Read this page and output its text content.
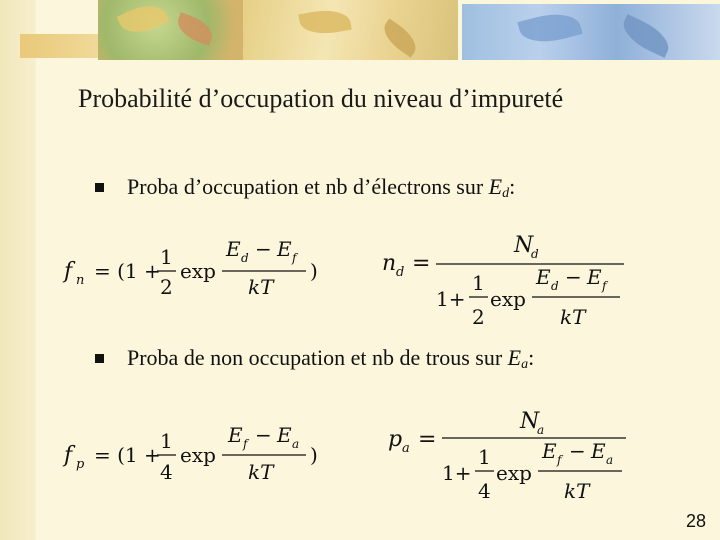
Probabilité d’occupation du niveau d’impureté
Proba d’occupation et nb d’électrons sur $E_d$:
Proba de non occupation et nb de trous sur $E_a$:
f n = (1 +
1
2
exp
E d − E f
kT
)	n d =
N
d
1+
1
2
exp
E d − E f
kT
f p = (1 +
1
4
exp
E f − E a
kT
)
p a =
N
a
1+
1
4
exp
E f − E a
kT
28
